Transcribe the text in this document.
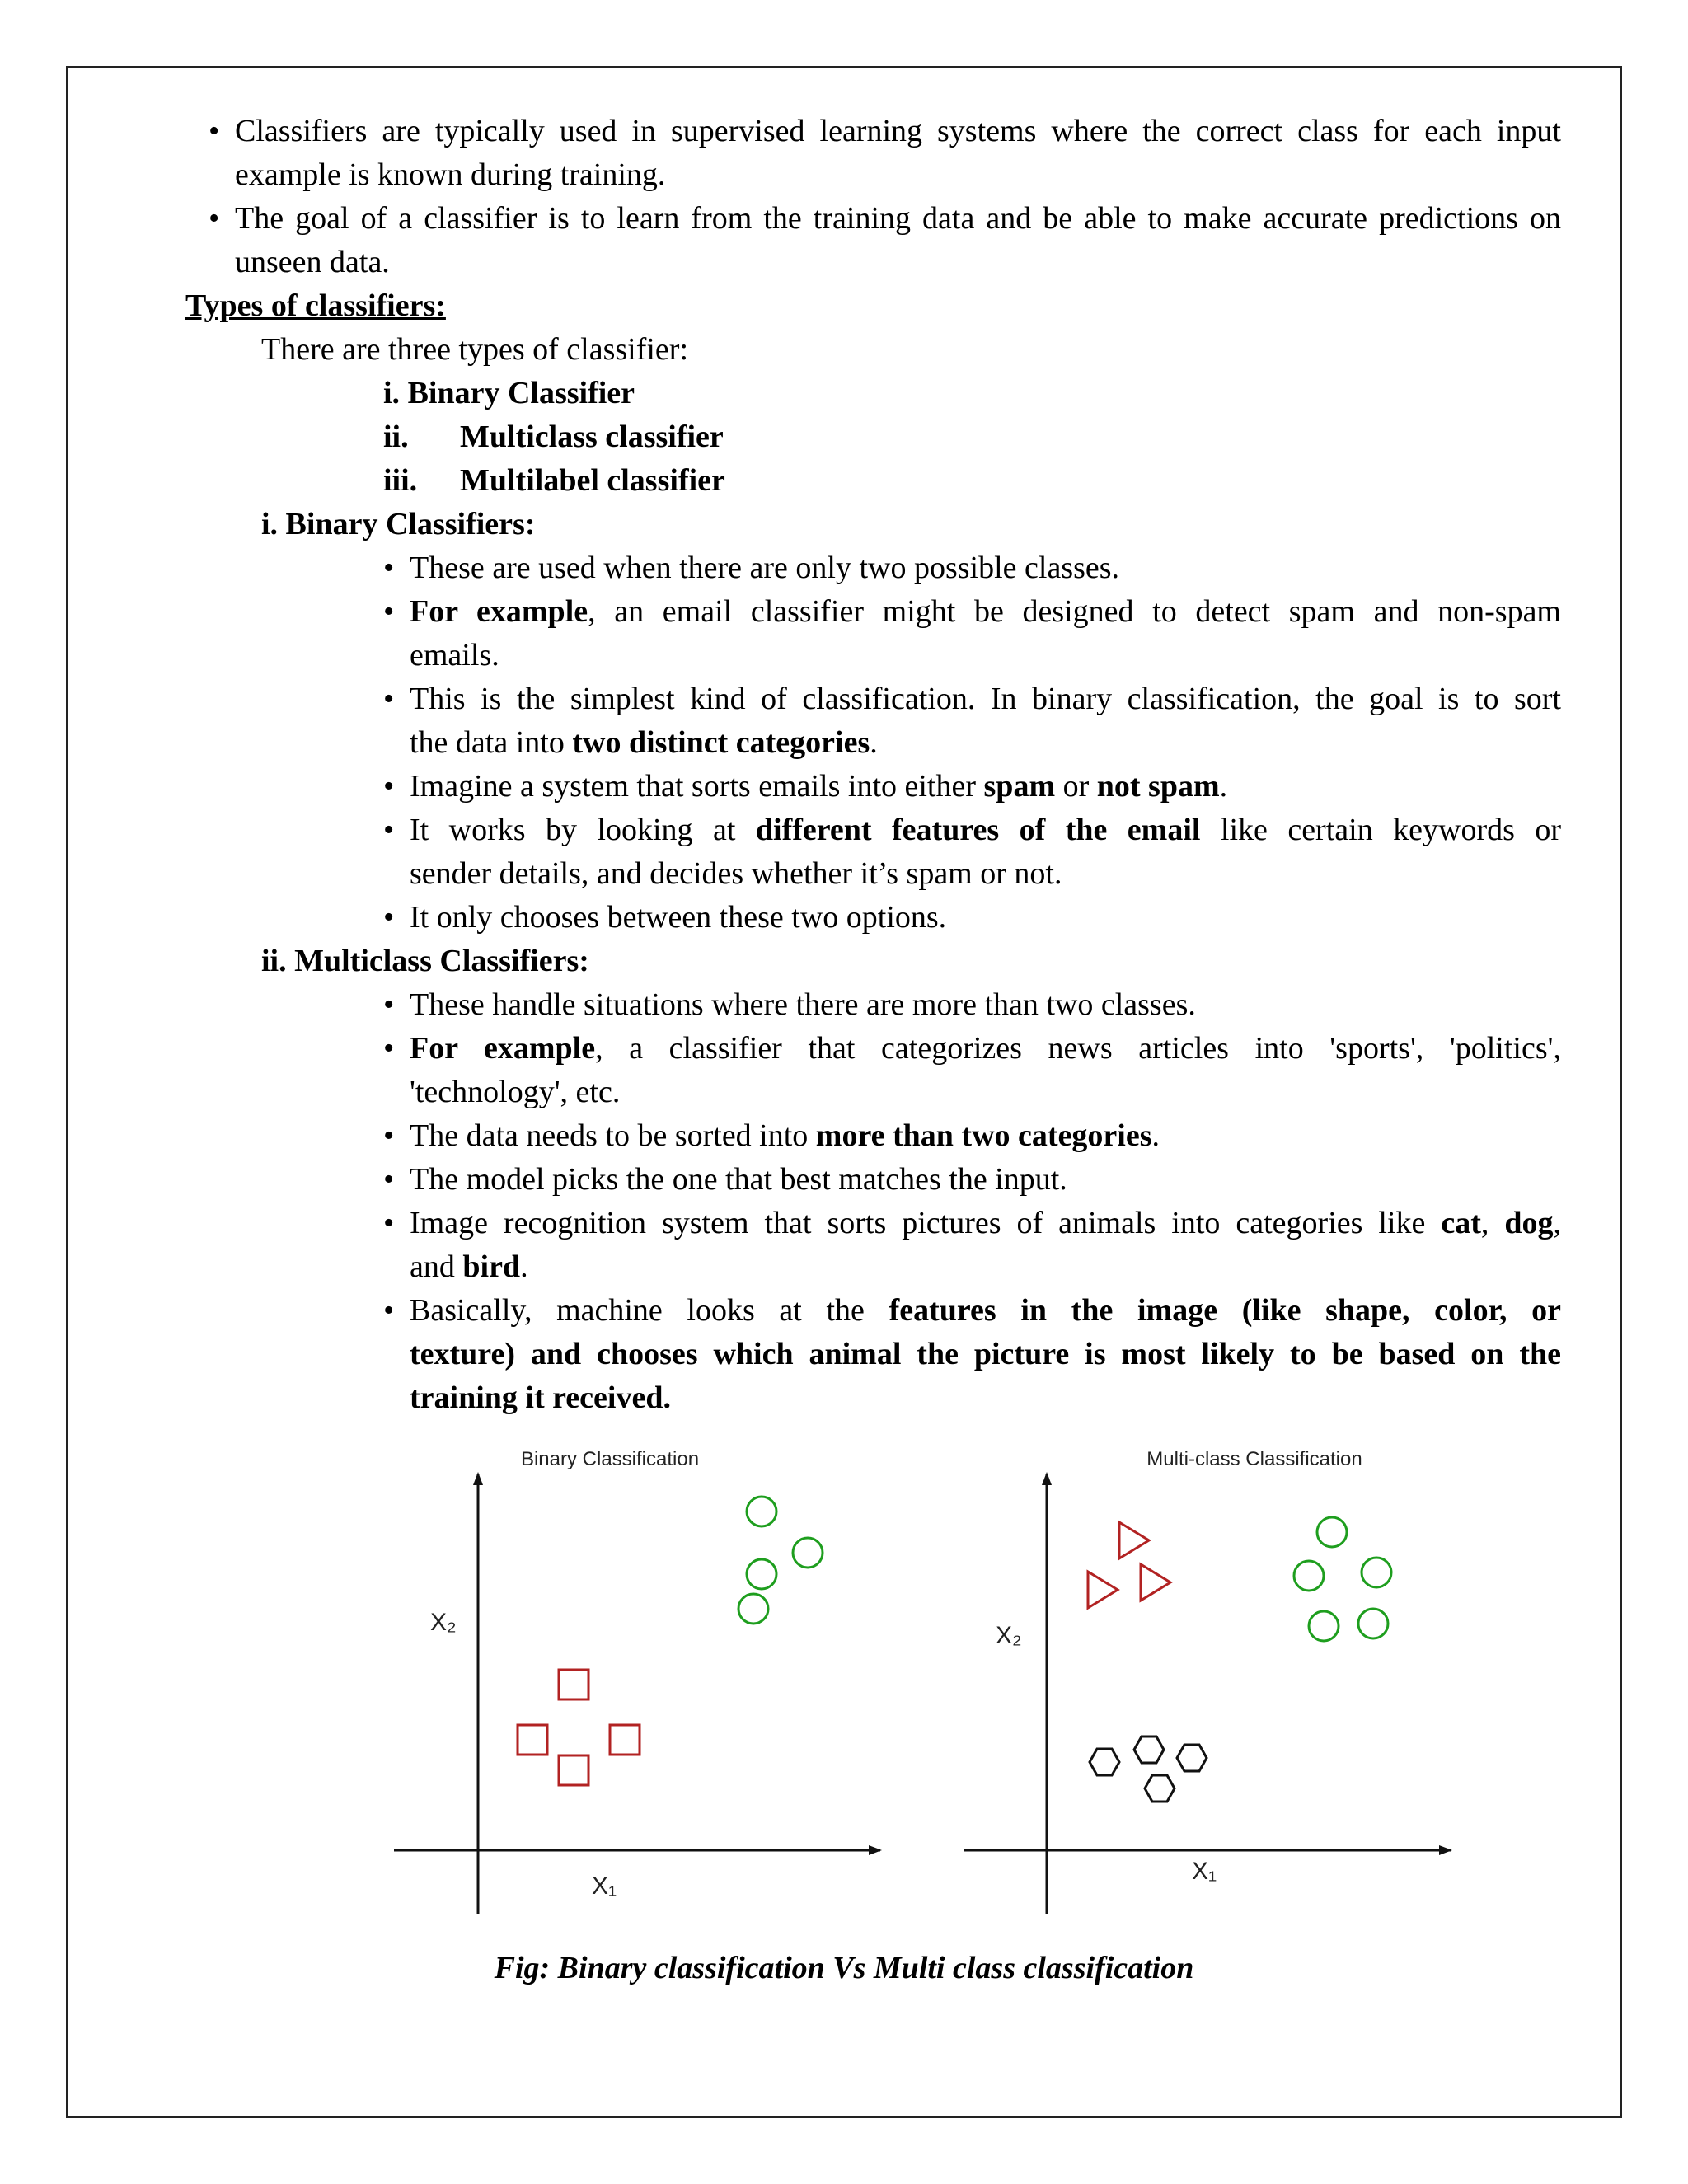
• Classifiers are typically used in supervised learning systems where the correct class for each input
example is known during training.
• The goal of a classifier is to learn from the training data and be able to make accurate predictions on
unseen data.
Types of classifiers:
There are three types of classifier:
i. Binary Classifier
ii. Multiclass classifier
iii. Multilabel classifier
i. Binary Classifiers:
• These are used when there are only two possible classes.
• For example, an email classifier might be designed to detect spam and non-spam
emails.
• This is the simplest kind of classification. In binary classification, the goal is to sort
the data into two distinct categories.
• Imagine a system that sorts emails into either spam or not spam.
• It works by looking at different features of the email like certain keywords or
sender details, and decides whether it’s spam or not.
• It only chooses between these two options.
ii. Multiclass Classifiers:
• These handle situations where there are more than two classes.
• For example, a classifier that categorizes news articles into 'sports', 'politics',
'technology', etc.
• The data needs to be sorted into more than two categories.
• The model picks the one that best matches the input.
• Image recognition system that sorts pictures of animals into categories like cat, dog,
and bird.
• Basically, machine looks at the features in the image (like shape, color, or
texture) and chooses which animal the picture is most likely to be based on the
training it received.
Binary Classification
X₂
X₁
Multi-class Classification
X₂
X₁
Fig: Binary classification Vs Multi class classification
